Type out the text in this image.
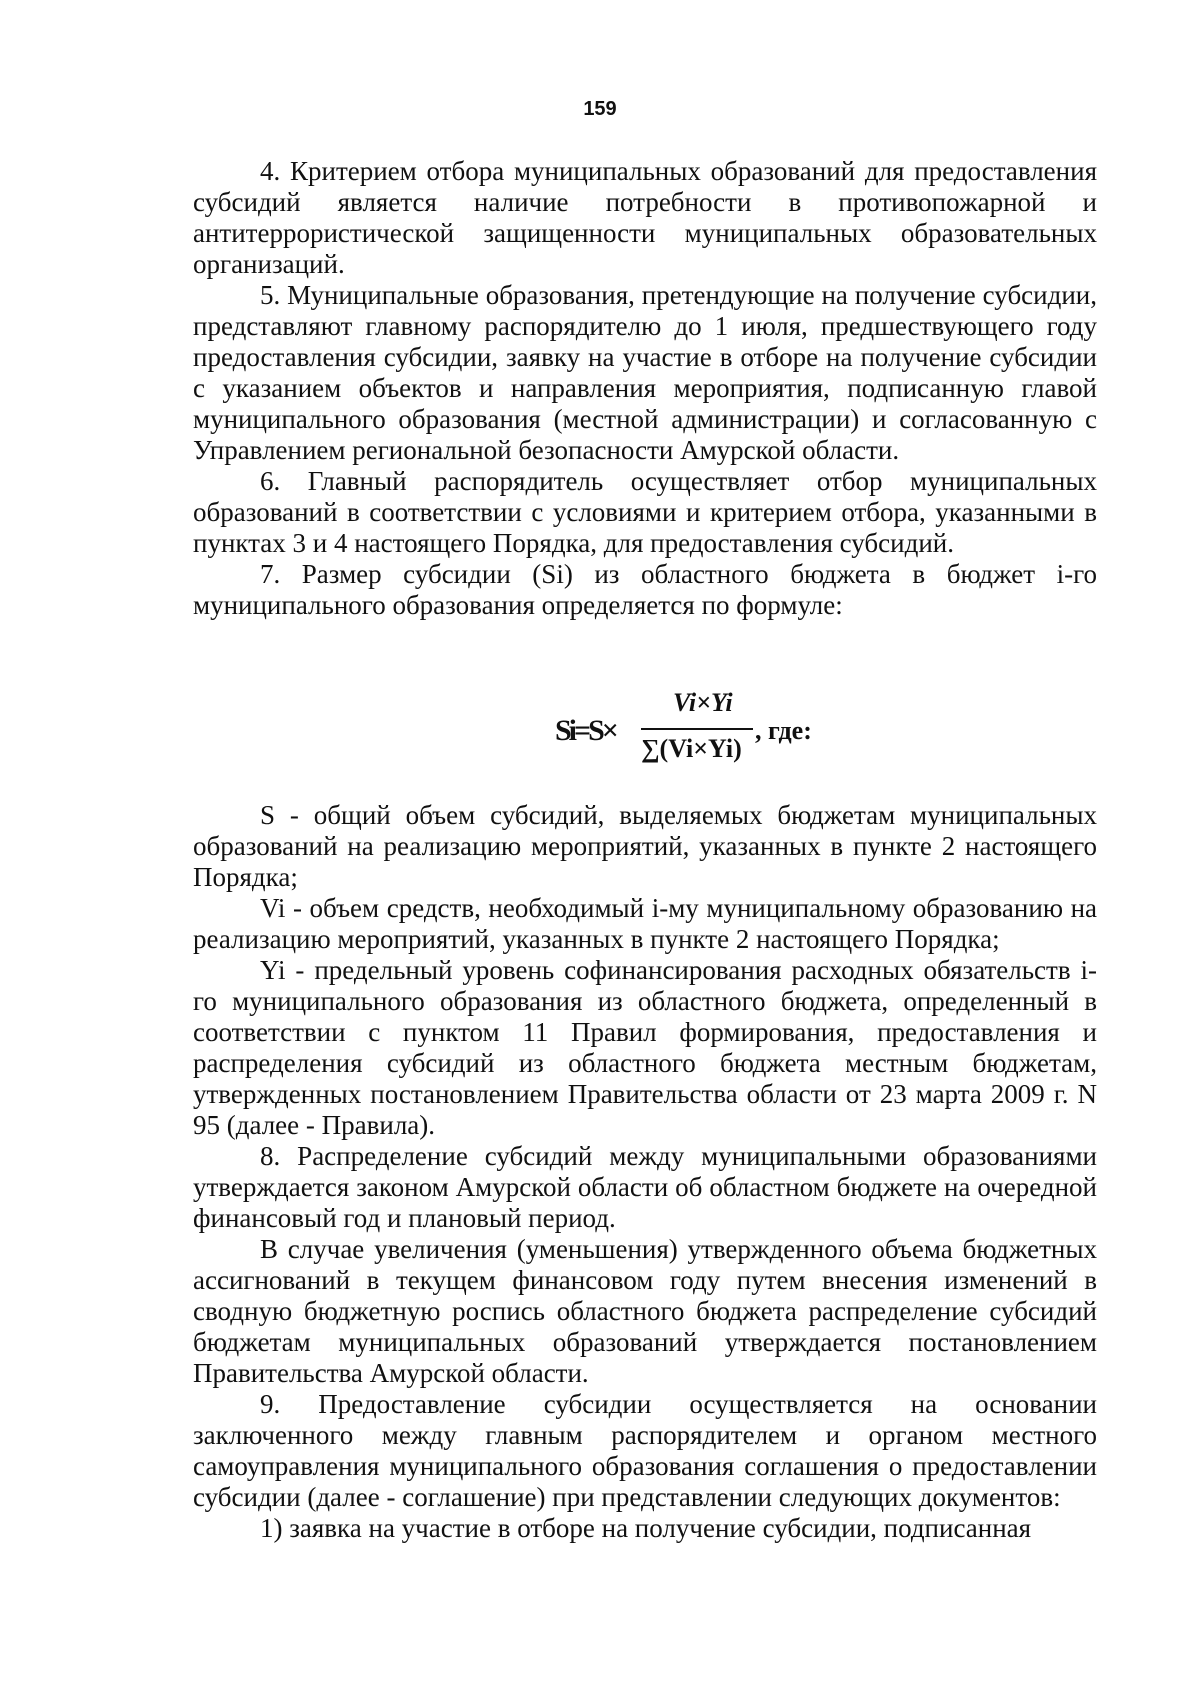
159

4. Критерием отбора муниципальных образований для предоставления субсидий является наличие потребности в противопожарной и антитеррористической защищенности муниципальных образовательных организаций.

5. Муниципальные образования, претендующие на получение субсидии, представляют главному распорядителю до 1 июля, предшествующего году предоставления субсидии, заявку на участие в отборе на получение субсидии с указанием объектов и направления мероприятия, подписанную главой муниципального образования (местной администрации) и согласованную с Управлением региональной безопасности Амурской области.

6. Главный распорядитель осуществляет отбор муниципальных образований в соответствии с условиями и критерием отбора, указанными в пунктах 3 и 4 настоящего Порядка, для предоставления субсидий.

7. Размер субсидии (Si) из областного бюджета в бюджет i-го муниципального образования определяется по формуле:

Si=S×
Vi×Yi
∑(Vi×Yi)
, где:

S - общий объем субсидий, выделяемых бюджетам муниципальных образований на реализацию мероприятий, указанных в пункте 2 настоящего Порядка;

Vi - объем средств, необходимый i-му муниципальному образованию на реализацию мероприятий, указанных в пункте 2 настоящего Порядка;

Yi - предельный уровень софинансирования расходных обязательств i-го муниципального образования из областного бюджета, определенный в соответствии с пунктом 11 Правил формирования, предоставления и распределения субсидий из областного бюджета местным бюджетам, утвержденных постановлением Правительства области от 23 марта 2009 г. N 95 (далее - Правила).

8. Распределение субсидий между муниципальными образованиями утверждается законом Амурской области об областном бюджете на очередной финансовый год и плановый период.

В случае увеличения (уменьшения) утвержденного объема бюджетных ассигнований в текущем финансовом году путем внесения изменений в сводную бюджетную роспись областного бюджета распределение субсидий бюджетам муниципальных образований утверждается постановлением Правительства Амурской области.

9. Предоставление субсидии осуществляется на основании заключенного между главным распорядителем и органом местного самоуправления муниципального образования соглашения о предоставлении субсидии (далее - соглашение) при представлении следующих документов:

1) заявка на участие в отборе на получение субсидии, подписанная
